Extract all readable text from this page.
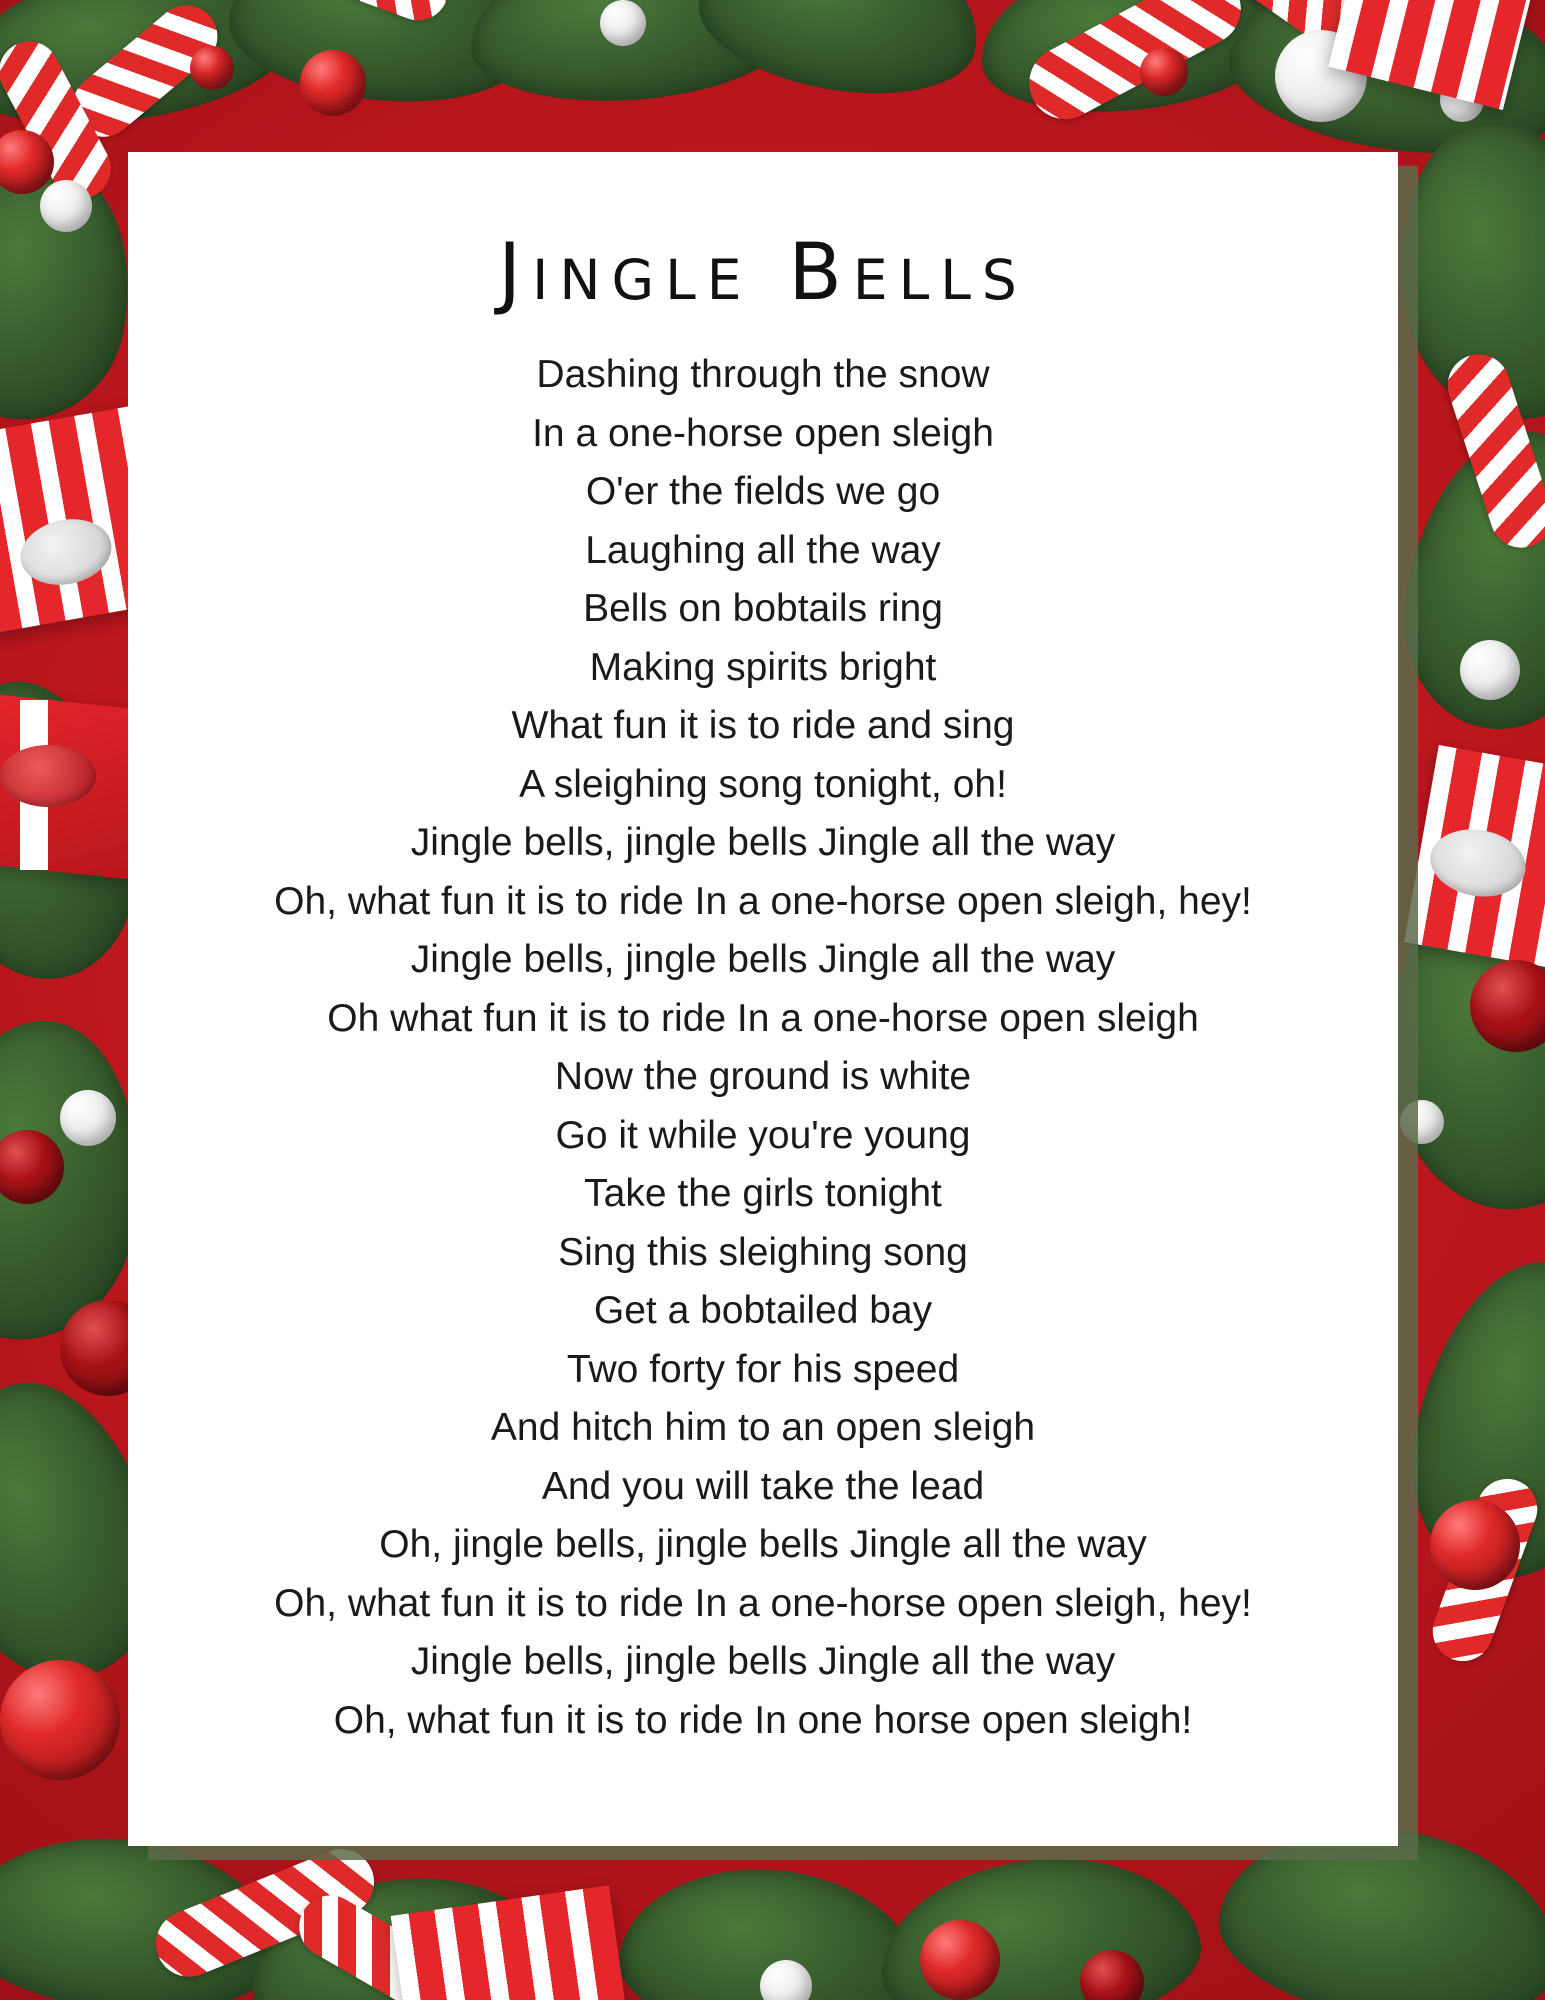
Jingle Bells
Dashing through the snow
In a one-horse open sleigh
O'er the fields we go
Laughing all the way
Bells on bobtails ring
Making spirits bright
What fun it is to ride and sing
A sleighing song tonight, oh!
Jingle bells, jingle bells Jingle all the way
Oh, what fun it is to ride In a one-horse open sleigh, hey!
Jingle bells, jingle bells Jingle all the way
Oh what fun it is to ride In a one-horse open sleigh
Now the ground is white
Go it while you're young
Take the girls tonight
Sing this sleighing song
Get a bobtailed bay
Two forty for his speed
And hitch him to an open sleigh
And you will take the lead
Oh, jingle bells, jingle bells Jingle all the way
Oh, what fun it is to ride In a one-horse open sleigh, hey!
Jingle bells, jingle bells Jingle all the way
Oh, what fun it is to ride In one horse open sleigh!
